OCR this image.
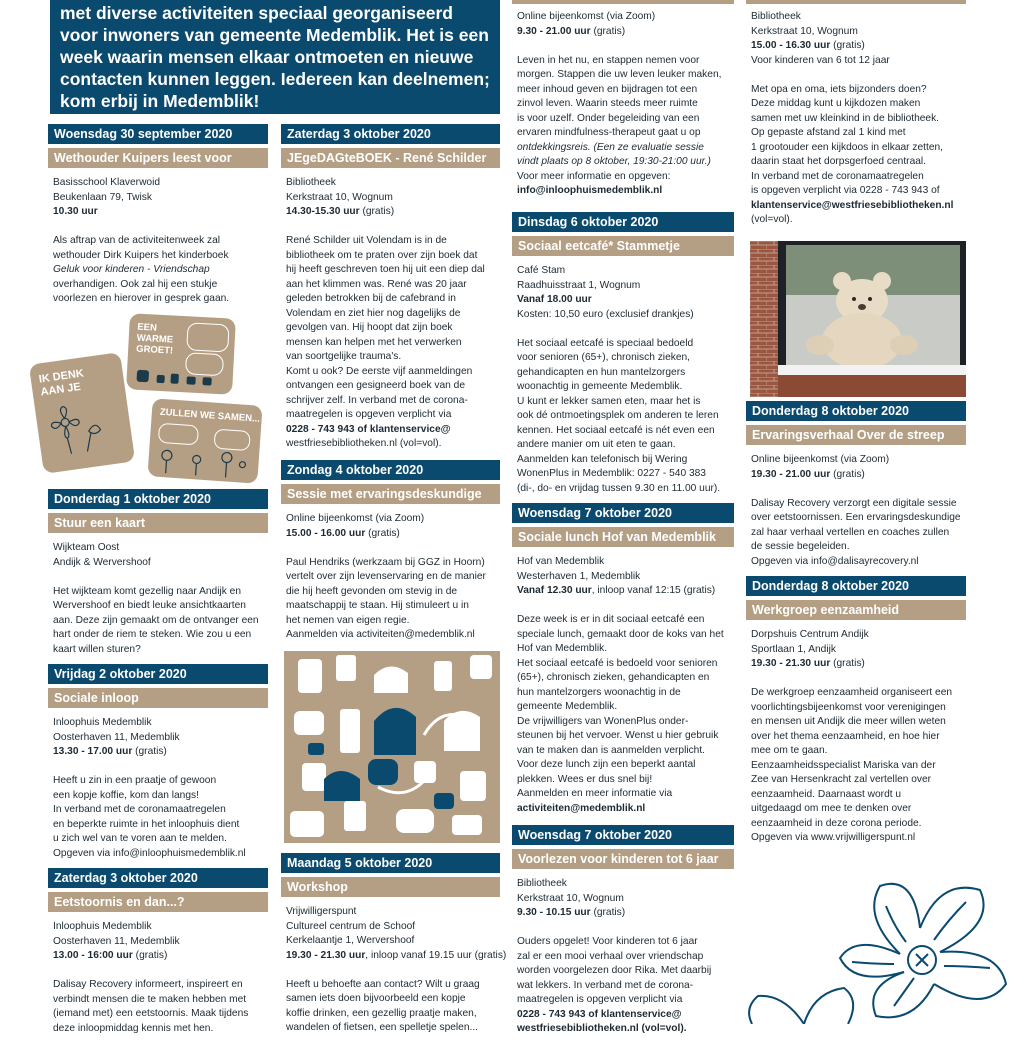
met diverse activiteiten speciaal georganiseerd
voor inwoners van gemeente Medemblik. Het is een
week waarin mensen elkaar ontmoeten en nieuwe
contacten kunnen leggen. Iedereen kan deelnemen;
kom erbij in Medemblik!
Woensdag 30 september 2020
Wethouder Kuipers leest voor

Basisschool Klaverwoid
Beukenlaan 79, Twisk
10.30 uur

Als aftrap van de activiteitenweek zal
wethouder Dirk Kuipers het kinderboek
Geluk voor kinderen - Vriendschap
overhandigen. Ook zal hij een stukje
voorlezen en hierover in gesprek gaan.

IK DENK AAN JE
EEN
WARME
GROET!
ZULLEN WE SAMEN...
Donderdag 1 oktober 2020
Stuur een kaart

Wijkteam Oost
Andijk & Wervershoof

Het wijkteam komt gezellig naar Andijk en
Wervershoof en biedt leuke ansichtkaarten
aan. Deze zijn gemaakt om de ontvanger een
hart onder de riem te steken. Wie zou u een
kaart willen sturen?

Vrijdag 2 oktober 2020
Sociale inloop

Inloophuis Medemblik
Oosterhaven 11, Medemblik
13.30 - 17.00 uur (gratis)

Heeft u zin in een praatje of gewoon
een kopje koffie, kom dan langs!
In verband met de coronamaatregelen
en beperkte ruimte in het inloophuis dient
u zich wel van te voren aan te melden.
Opgeven via info@inloophuismedemblik.nl

Zaterdag 3 oktober 2020
Eetstoornis en dan...?

Inloophuis Medemblik
Oosterhaven 11, Medemblik
13.00 - 16:00 uur (gratis)

Dalisay Recovery informeert, inspireert en
verbindt mensen die te maken hebben met
(iemand met) een eetstoornis. Maak tijdens
deze inloopmiddag kennis met hen.

Zaterdag 3 oktober 2020
JEgeDAGteBOEK - René Schilder

Bibliotheek
Kerkstraat 10, Wognum
14.30-15.30 uur (gratis)

René Schilder uit Volendam is in de
bibliotheek om te praten over zijn boek dat
hij heeft geschreven toen hij uit een diep dal
aan het klimmen was. René was 20 jaar
geleden betrokken bij de cafebrand in
Volendam en ziet hier nog dagelijks de
gevolgen van. Hij hoopt dat zijn boek
mensen kan helpen met het verwerken
van soortgelijke trauma's.
Komt u ook? De eerste vijf aanmeldingen
ontvangen een gesigneerd boek van de
schrijver zelf. In verband met de corona-
maatregelen is opgeven verplicht via
0228 - 743 943 of klantenservice@
westfriesebibliotheken.nl (vol=vol).

Zondag 4 oktober 2020
Sessie met ervaringsdeskundige

Online bijeenkomst (via Zoom)
15.00 - 16.00 uur (gratis)

Paul Hendriks (werkzaam bij GGZ in Hoorn)
vertelt over zijn levenservaring en de manier
die hij heeft gevonden om stevig in de
maatschappij te staan. Hij stimuleert u in
het nemen van eigen regie.
Aanmelden via activiteiten@medemblik.nl

Maandag 5 oktober 2020
Workshop

Vrijwilligerspunt
Cultureel centrum de Schoof
Kerkelaantje 1, Wervershoof
19.30 - 21.30 uur, inloop vanaf 19.15 uur (gratis)

Heeft u behoefte aan contact? Wilt u graag
samen iets doen bijvoorbeeld een kopje
koffie drinken, een gezellig praatje maken,
wandelen of fietsen, een spelletje spelen...

Online bijeenkomst (via Zoom)
9.30 - 21.00 uur (gratis)

Leven in het nu, en stappen nemen voor
morgen. Stappen die uw leven leuker maken,
meer inhoud geven en bijdragen tot een
zinvol leven. Waarin steeds meer ruimte
is voor uzelf. Onder begeleiding van een
ervaren mindfulness-therapeut gaat u op
ontdekkingsreis. (Een ze evaluatie sessie
vindt plaats op 8 oktober, 19:30-21:00 uur.)
Voor meer informatie en opgeven:
info@inloophuismedemblik.nl

Dinsdag 6 oktober 2020
Sociaal eetcafé* Stammetje

Café Stam
Raadhuisstraat 1, Wognum
Vanaf 18.00 uur
Kosten: 10,50 euro (exclusief drankjes)

Het sociaal eetcafé is speciaal bedoeld
voor senioren (65+), chronisch zieken,
gehandicapten en hun mantelzorgers
woonachtig in gemeente Medemblik.
U kunt er lekker samen eten, maar het is
ook dé ontmoetingsplek om anderen te leren
kennen. Het sociaal eetcafé is nét even een
andere manier om uit eten te gaan.
Aanmelden kan telefonisch bij Wering
WonenPlus in Medemblik: 0227 - 540 383
(di-, do- en vrijdag tussen 9.30 en 11.00 uur).

Woensdag 7 oktober 2020
Sociale lunch Hof van Medemblik

Hof van Medemblik
Westerhaven 1, Medemblik
Vanaf 12.30 uur, inloop vanaf 12:15 (gratis)

Deze week is er in dit sociaal eetcafé een
speciale lunch, gemaakt door de koks van het
Hof van Medemblik.
Het sociaal eetcafé is bedoeld voor senioren
(65+), chronisch zieken, gehandicapten en
hun mantelzorgers woonachtig in de
gemeente Medemblik.
De vrijwilligers van WonenPlus onder-
steunen bij het vervoer. Wenst u hier gebruik
van te maken dan is aanmelden verplicht.
Voor deze lunch zijn een beperkt aantal
plekken. Wees er dus snel bij!
Aanmelden en meer informatie via
activiteiten@medemblik.nl

Woensdag 7 oktober 2020
Voorlezen voor kinderen tot 6 jaar

Bibliotheek
Kerkstraat 10, Wognum
9.30 - 10.15 uur (gratis)

Ouders opgelet! Voor kinderen tot 6 jaar
zal er een mooi verhaal over vriendschap
worden voorgelezen door Rika. Met daarbij
wat lekkers. In verband met de corona-
maatregelen is opgeven verplicht via
0228 - 743 943 of klantenservice@
westfriesebibliotheken.nl (vol=vol).

Bibliotheek
Kerkstraat 10, Wognum
15.00 - 16.30 uur (gratis)
Voor kinderen van 6 tot 12 jaar

Met opa en oma, iets bijzonders doen?
Deze middag kunt u kijkdozen maken
samen met uw kleinkind in de bibliotheek.
Op gepaste afstand zal 1 kind met
1 grootouder een kijkdoos in elkaar zetten,
daarin staat het dorpsgerfoed centraal.
In verband met de coronamaatregelen
is opgeven verplicht via 0228 - 743 943 of
klantenservice@westfriesebibliotheken.nl
(vol=vol).

Donderdag 8 oktober 2020
Ervaringsverhaal Over de streep

Online bijeenkomst (via Zoom)
19.30 - 21.00 uur (gratis)

Dalisay Recovery verzorgt een digitale sessie
over eetstoornissen. Een ervaringsdeskundige
zal haar verhaal vertellen en coaches zullen
de sessie begeleiden.
Opgeven via info@dalisayrecovery.nl

Donderdag 8 oktober 2020
Werkgroep eenzaamheid

Dorpshuis Centrum Andijk
Sportlaan 1, Andijk
19.30 - 21.30 uur (gratis)

De werkgroep eenzaamheid organiseert een
voorlichtingsbijeenkomst voor verenigingen
en mensen uit Andijk die meer willen weten
over het thema eenzaamheid, en hoe hier
mee om te gaan.
Eenzaamheidsspecialist Mariska van der
Zee van Hersenkracht zal vertellen over
eenzaamheid. Daarnaast wordt u
uitgedaagd om mee te denken over
eenzaamheid in deze corona periode.
Opgeven via www.vrijwilligerspunt.nl
